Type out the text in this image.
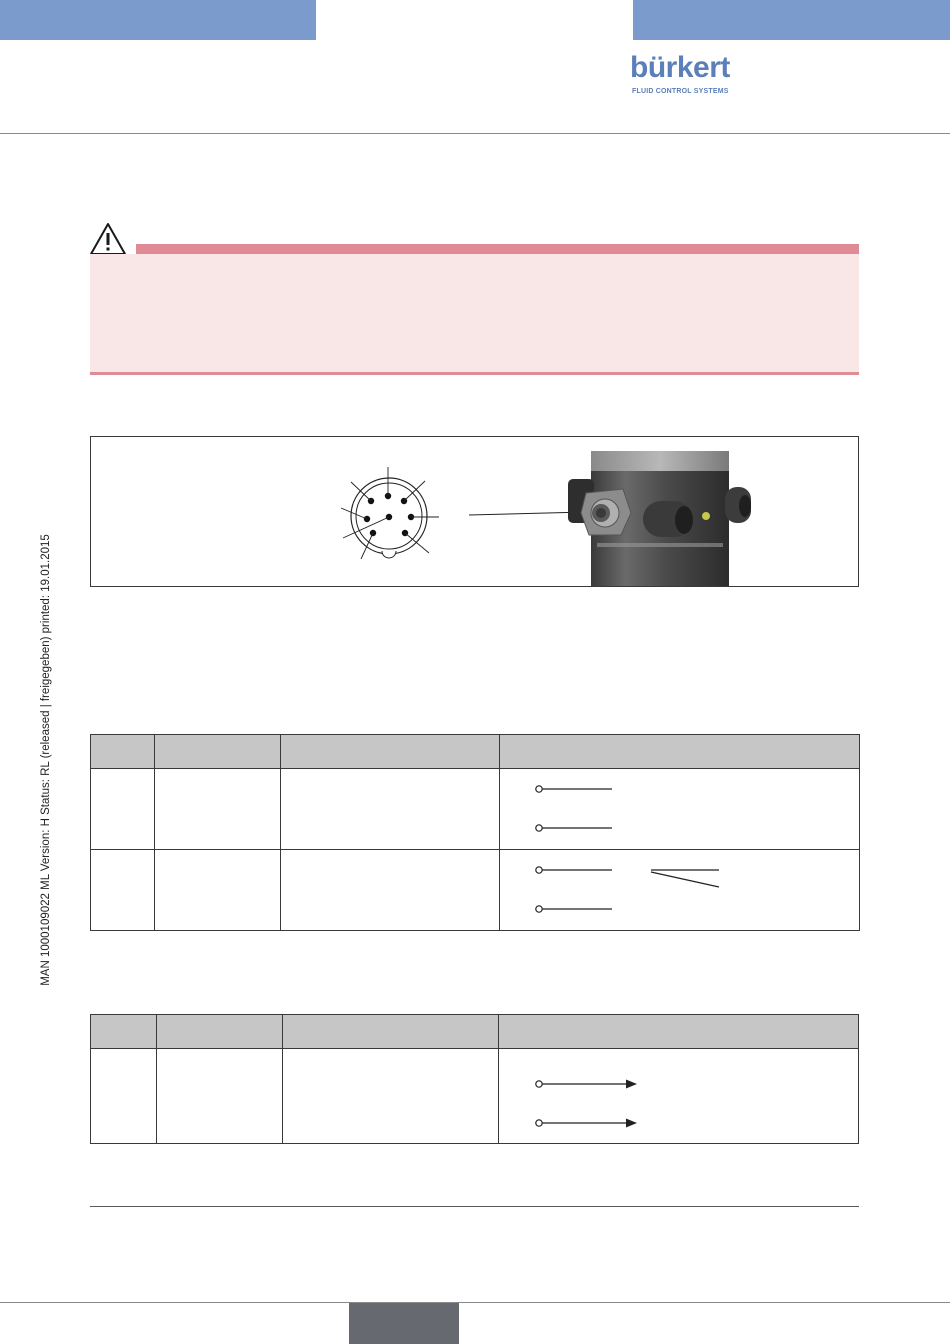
bürkert
FLUID CONTROL SYSTEMS
MAN 1000109022 ML Version: H Status: RL (released | freigegeben) printed: 19.01.2015
